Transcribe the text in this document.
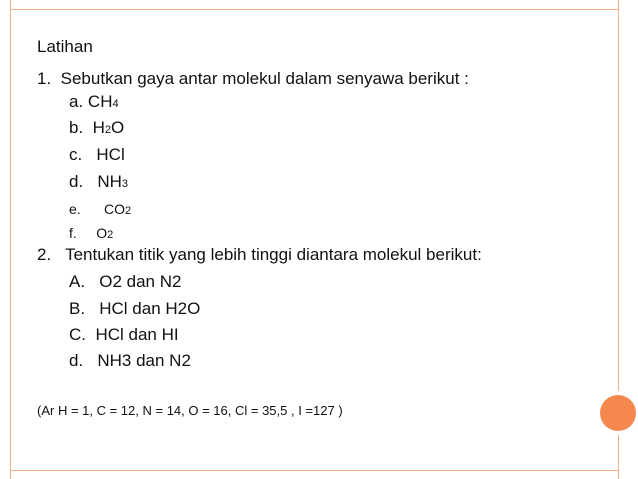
Latihan
1. Sebutkan gaya antar molekul dalam senyawa berikut :
a. CH4
b. H2O
c. HCl
d. NH3
e. CO2
f. O2
2. Tentukan titik yang lebih tinggi diantara molekul berikut:
A. O2 dan N2
B. HCl dan H2O
C. HCl dan HI
d. NH3 dan N2
(Ar H = 1, C = 12, N = 14, O = 16, Cl = 35,5 , I =127 )
